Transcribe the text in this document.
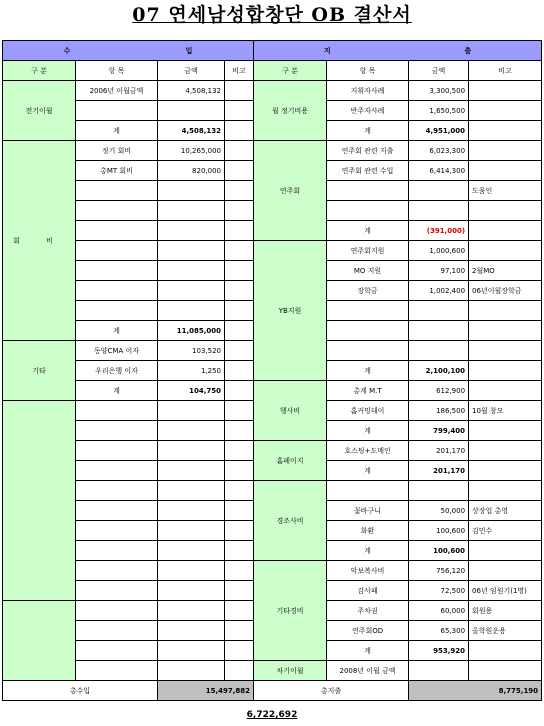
07 연세남성합창단 OB 결산서
수 입				지 출			

구 분	항 목	금액	비고	구 분	항 목	금액	비고
전기이월	2006년 이월금액	4,508,132		월 정기비용	지휘자사례	3,300,500	
					반주자사례	1,650,500	
	계	4,508,132			계	4,951,000	
회 비	정기 회비	10,265,000		연주회	연주회 관련 지출	6,023,300	
	총MT 회비	820,000			연주회 관련 수입	6,414,300	
							도움인

					계	(391,000)	
				YB지원	연주회지원	1,000,600	
					MO 지원	97,100	2월MO
					장학금	1,002,400	06년이월장학금

	계	11,085,000					
기타	동양CMA 이자	103,520					
	우리은행 이자	1,250			계	2,100,100	
	계	104,750		행사비	총계 M.T	612,900	
					홈커밍데이	186,500	10월 창모
					계	799,400	
				홈페이지	호스팅+도메인	201,170	
					계	201,170	
				경조사비			
					꽃바구니	50,000	상장업 총영
					화환	100,600	김민수
					계	100,600	
				기타경비	악보복사비	756,120	
					감사패	72,500	06년 임원기(1명)
					주차권	60,000	회원용
					연주회OD	65,300	올학원운용
					계	953,920	
				차기이월	2008년 이월 금액		
총수입		15,497,882		총지출		8,775,190	
6,722,692
